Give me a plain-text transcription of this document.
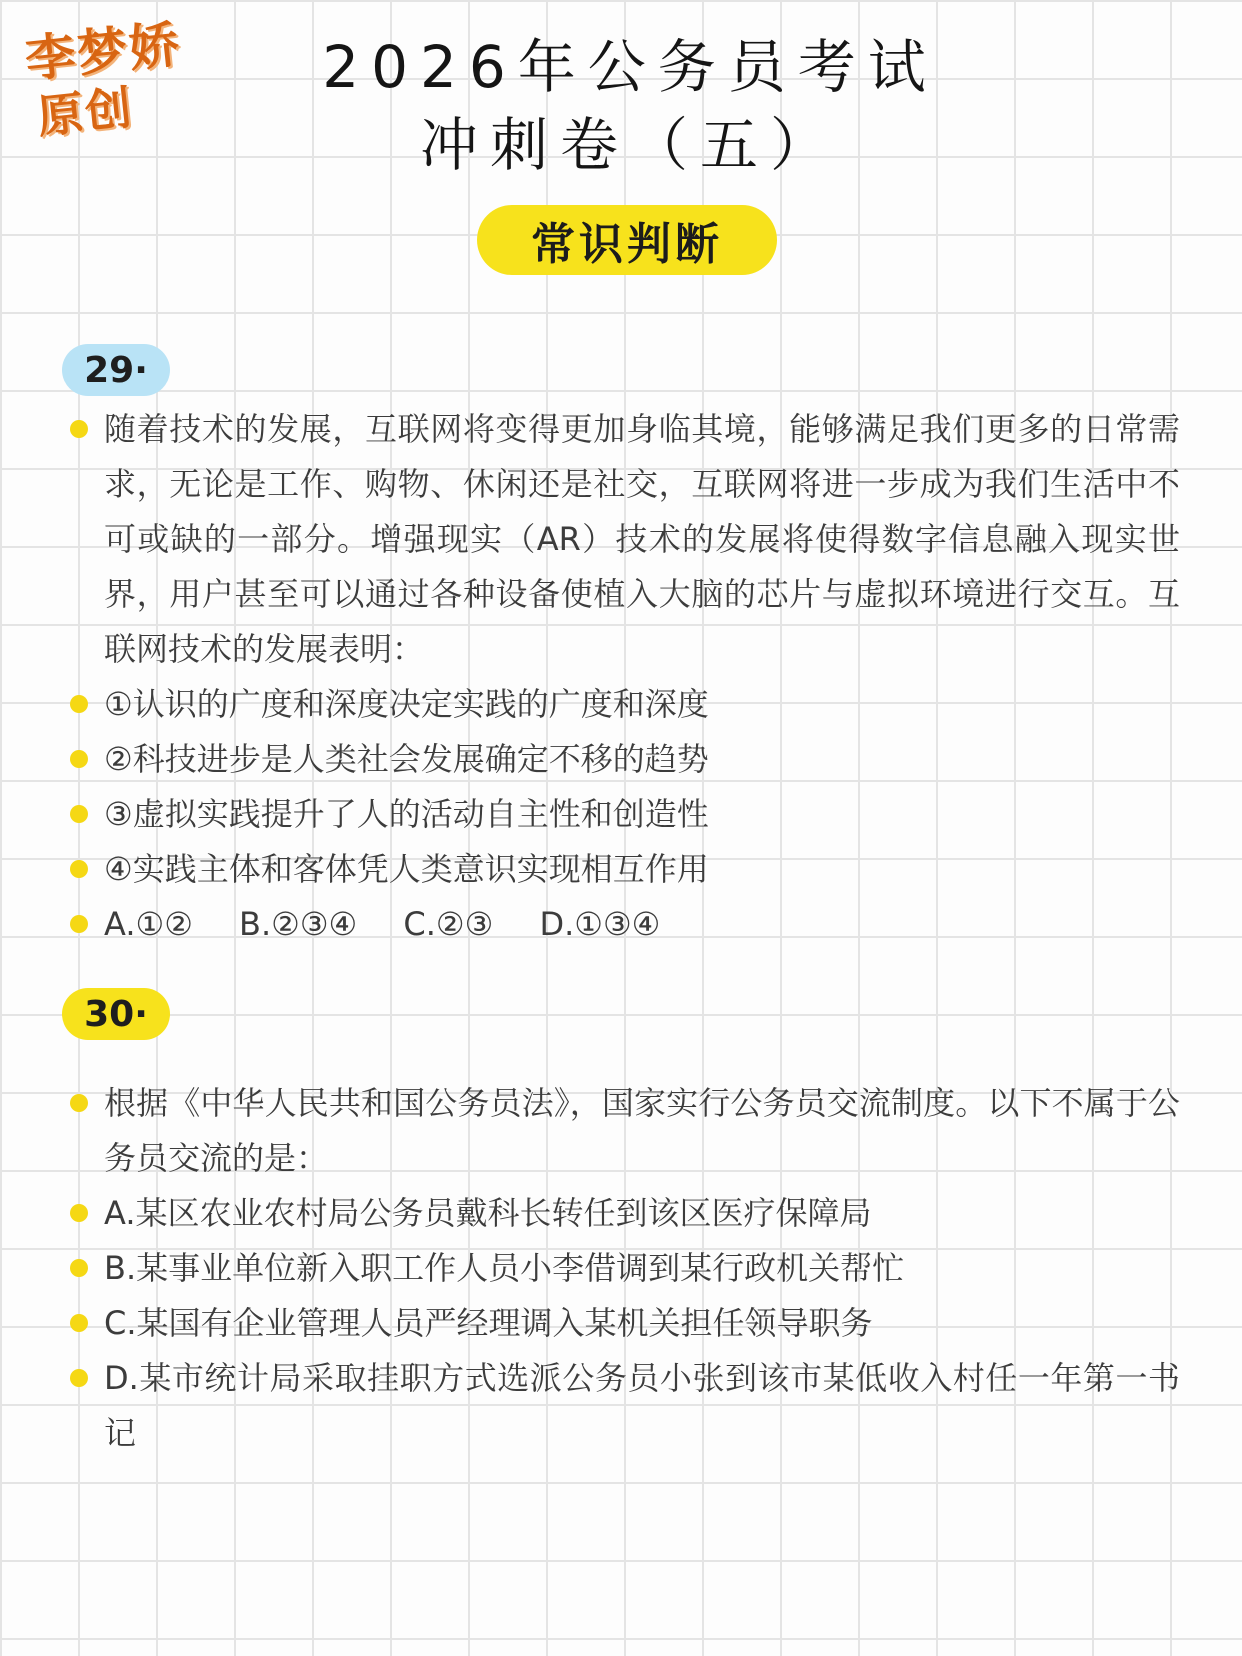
李梦娇
原创
2026年公务员考试
冲刺卷（五）
常识判断
29·
随着技术的发展，互联网将变得更加身临其境，能够满足我们更多的日常需求，无论是工作、购物、休闲还是社交，互联网将进一步成为我们生活中不可或缺的一部分。增强现实（AR）技术的发展将使得数字信息融入现实世界，用户甚至可以通过各种设备使植入大脑的芯片与虚拟环境进行交互。互联网技术的发展表明：
①认识的广度和深度决定实践的广度和深度
②科技进步是人类社会发展确定不移的趋势
③虚拟实践提升了人的活动自主性和创造性
④实践主体和客体凭人类意识实现相互作用
A.①② B.②③④ C.②③ D.①③④
30·
根据《中华人民共和国公务员法》，国家实行公务员交流制度。以下不属于公务员交流的是：
A.某区农业农村局公务员戴科长转任到该区医疗保障局
B.某事业单位新入职工作人员小李借调到某行政机关帮忙
C.某国有企业管理人员严经理调入某机关担任领导职务
D.某市统计局采取挂职方式选派公务员小张到该市某低收入村任一年第一书记
